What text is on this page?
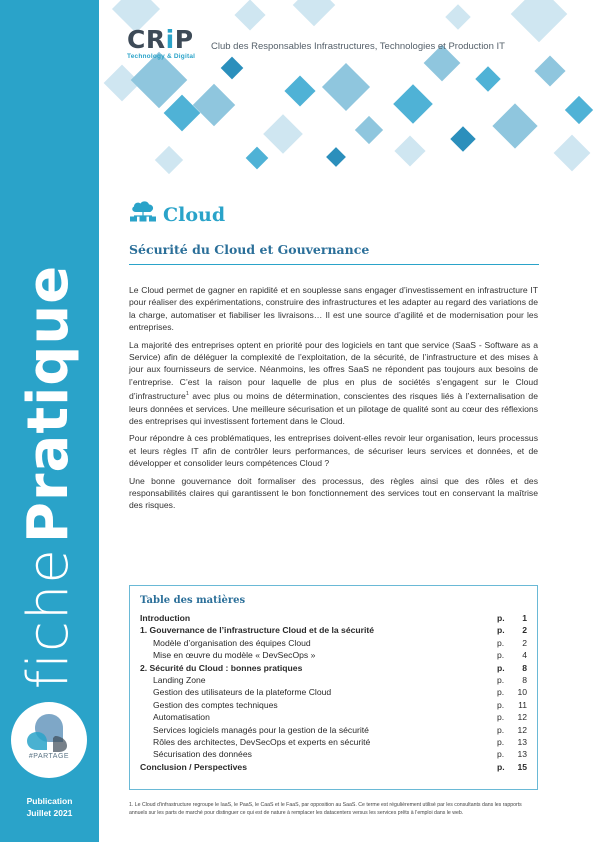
fiche Pratique
#PARTAGE
Publication
Juillet 2021
CRiP
Technology & Digital
Club des Responsables Infrastructures, Technologies et Production IT
Cloud
Sécurité du Cloud et Gouvernance

Le Cloud permet de gagner en rapidité et en souplesse sans engager d’investissement en infrastructure IT pour réaliser des expérimentations, construire des infrastructures et les adapter au regard des variations de la charge, automatiser et fiabiliser les livraisons… Il est une source d’agilité et de modernisation pour les entreprises.

La majorité des entreprises optent en priorité pour des logiciels en tant que service (SaaS - Software as a Service) afin de déléguer la complexité de l’exploitation, de la sécurité, de l’infrastructure et des mises à jour aux fournisseurs de service. Néanmoins, les offres SaaS ne répondent pas toujours aux besoins de l’entreprise. C’est la raison pour laquelle de plus en plus de sociétés s’engagent sur le Cloud d’infrastructure$^1$ avec plus ou moins de détermination, conscientes des risques liés à l’externalisation de leurs données et services. Une meilleure sécurisation et un pilotage de qualité sont au cœur des réflexions des entreprises qui investissent fortement dans le Cloud.

Pour répondre à ces problématiques, les entreprises doivent-elles revoir leur organisation, leurs processus et leurs règles IT afin de contrôler leurs performances, de sécuriser leurs services et données, et de développer et consolider leurs compétences Cloud ?

Une bonne gouvernance doit formaliser des processus, des règles ainsi que des rôles et des responsabilités claires qui garantissent le bon fonctionnement des services tout en conservant la maîtrise des risques.

Table des matières
Introduction	p. 1
1. Gouvernance de l’infrastructure Cloud et de la sécurité	p. 2
Modèle d’organisation des équipes Cloud	p. 2
Mise en œuvre du modèle « DevSecOps »	p. 4
2. Sécurité du Cloud : bonnes pratiques	p. 8
Landing Zone	p. 8
Gestion des utilisateurs de la plateforme Cloud	p. 10
Gestion des comptes techniques	p. 11
Automatisation	p. 12
Services logiciels managés pour la gestion de la sécurité	p. 12
Rôles des architectes, DevSecOps et experts en sécurité	p. 13
Sécurisation des données	p. 13
Conclusion / Perspectives	p. 15
1. Le Cloud d’infrastructure regroupe le IaaS, le PaaS, le CaaS et le FaaS, par opposition au SaaS. Ce terme est régulièrement utilisé par les consultants dans les rapports annuels sur les parts de marché pour distinguer ce qui est de nature à remplacer les datacenters versus les services prêts à l’emploi dans le web.
